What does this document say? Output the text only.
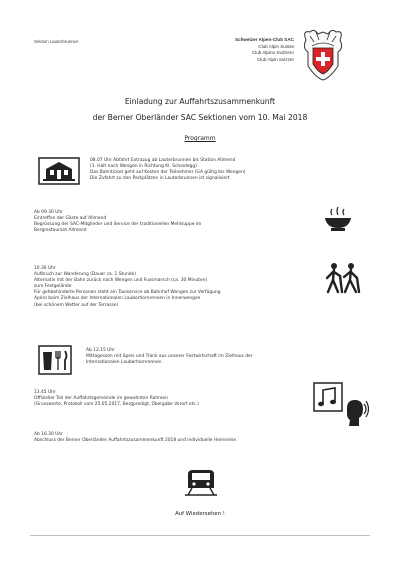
Sektion Lauterbrunnen	Schweizer Alpen-Club SAC
Club Alpin Suisse
Club Alpino Svizzero
Club Alpin Svizzer
Einladung zur Auffahrtszusammenkunft
der Berner Oberländer SAC Sektionen vom 10. Mai 2018
Programm
08.07 Uhr Abfahrt Extrazug ab Lauterbrunnen bis Station Allmend
(1. Halt nach Wengen in Richtung Kl. Scheidegg)
Das Bahnticket geht auf Kosten der Teilnehmer (GA gültig bis Wengen)
Die Zufahrt zu den Parkplätzen in Lauterbrunnen ist signalisiert
Ab 09.30 Uhr
Eintreffen der Gäste auf Allmend
Begrüssung der SAC-Mitglieder und Service der traditionellen Mehlsuppe im
Bergrestaurant Allmend
10.30 Uhr
Aufbruch zur Wanderung (Dauer ca. 1 Stunde)
Alternativ mit der Bahn zurück nach Wengen und Fussmarsch (ca. 30 Minuten)
zum Festgelände
Für gehbehinderte Personen steht ein Taxiservice ab Bahnhof Wengen zur Verfügung
Apéro beim Zielhaus der Internationalen Lauberhornrennen in Innerwengen
(bei schönem Wetter auf der Terrasse)
Ab 12.15 Uhr
Mittagessen mit Speis und Trank aus unserer Festwirtschaft im Zielhaus der
Internationalen Lauberhornrennen
13.45 Uhr
Offizieller Teil der Auffahrtsgemeinde im gewohnten Rahmen
(Grussworte, Protokoll vom 25.05.2017, Bergpredigt, Übergabe Vorort etc.)
Ab 16.30 Uhr
Abschluss der Berner Oberländer Auffahrtszusammenkunft 2018 und individuelle Heimreise
Auf Wiedersehen !
